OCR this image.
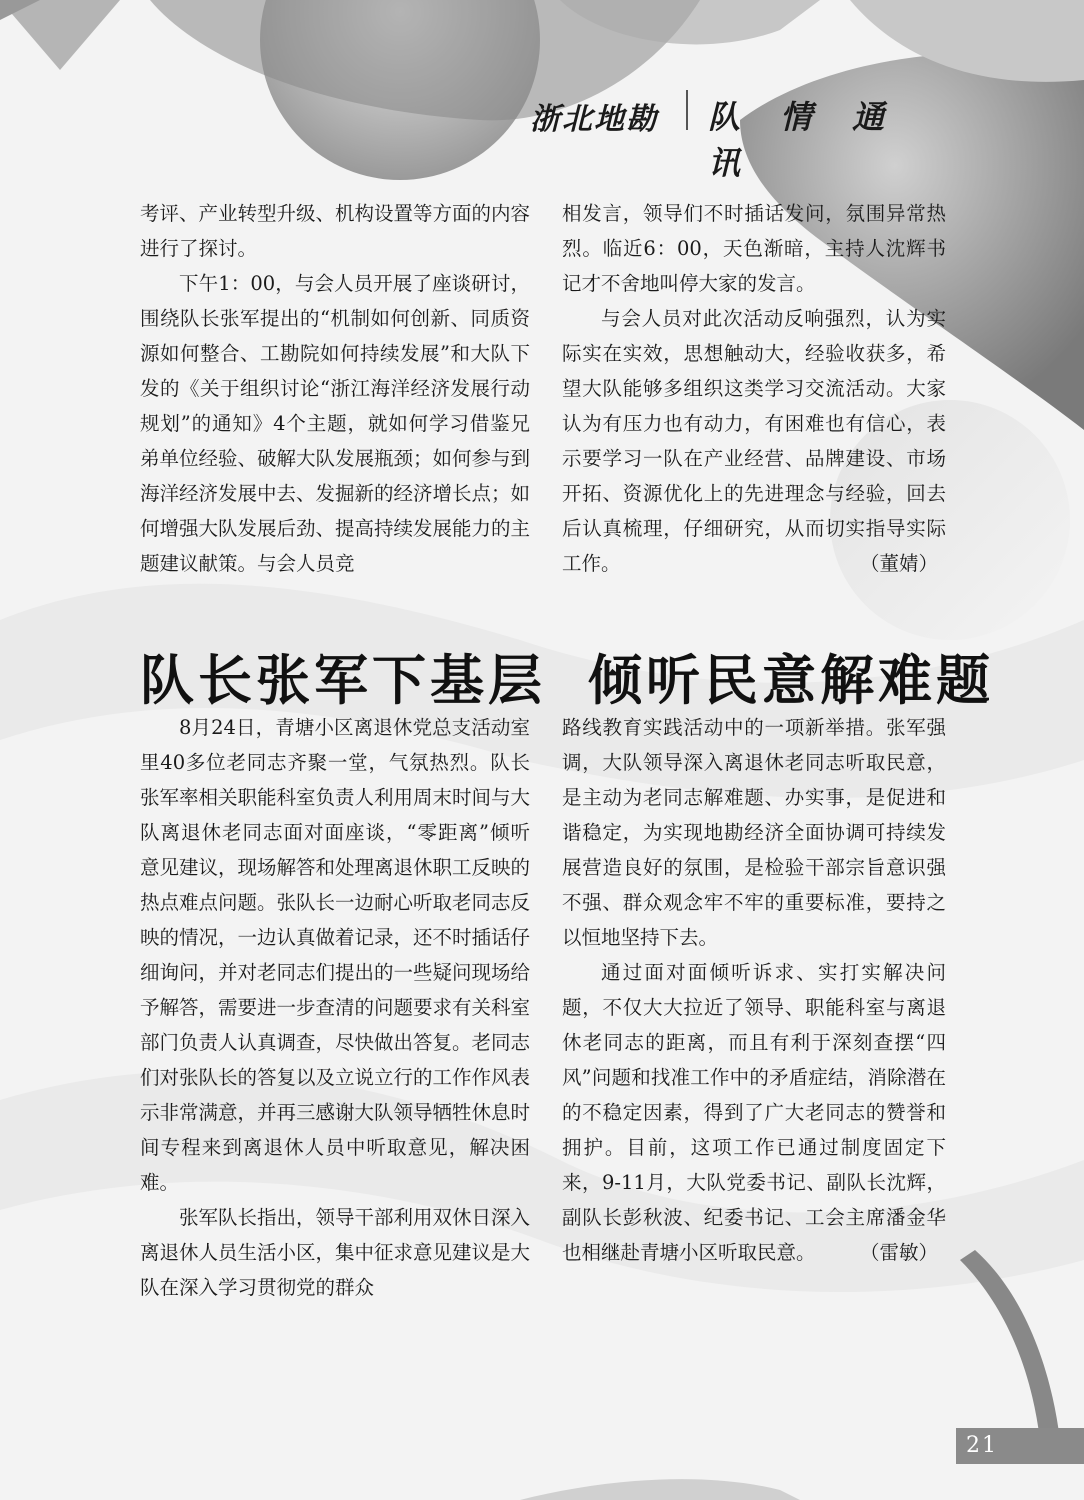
浙北地勘 队情通讯

考评、产业转型升级、机构设置等方面的内容进行了探讨。

下午1：00，与会人员开展了座谈研讨，围绕队长张军提出的“机制如何创新、同质资源如何整合、工勘院如何持续发展”和大队下发的《关于组织讨论“浙江海洋经济发展行动规划”的通知》4个主题，就如何学习借鉴兄弟单位经验、破解大队发展瓶颈；如何参与到海洋经济发展中去、发掘新的经济增长点；如何增强大队发展后劲、提高持续发展能力的主题建议献策。与会人员竞

相发言，领导们不时插话发问，氛围异常热烈。临近6：00，天色渐暗，主持人沈辉书记才不舍地叫停大家的发言。

与会人员对此次活动反响强烈，认为实际实在实效，思想触动大，经验收获多，希望大队能够多组织这类学习交流活动。大家认为有压力也有动力，有困难也有信心，表示要学习一队在产业经营、品牌建设、市场开拓、资源优化上的先进理念与经验，回去后认真梳理，仔细研究，从而切实指导实际工作。	（董婧）

队长张军下基层 倾听民意解难题

8月24日，青塘小区离退休党总支活动室里40多位老同志齐聚一堂，气氛热烈。队长张军率相关职能科室负责人利用周末时间与大队离退休老同志面对面座谈，“零距离”倾听意见建议，现场解答和处理离退休职工反映的热点难点问题。张队长一边耐心听取老同志反映的情况，一边认真做着记录，还不时插话仔细询问，并对老同志们提出的一些疑问现场给予解答，需要进一步查清的问题要求有关科室部门负责人认真调查，尽快做出答复。老同志们对张队长的答复以及立说立行的工作作风表示非常满意，并再三感谢大队领导牺牲休息时间专程来到离退休人员中听取意见，解决困难。

张军队长指出，领导干部利用双休日深入离退休人员生活小区，集中征求意见建议是大队在深入学习贯彻党的群众

路线教育实践活动中的一项新举措。张军强调，大队领导深入离退休老同志听取民意，是主动为老同志解难题、办实事，是促进和谐稳定，为实现地勘经济全面协调可持续发展营造良好的氛围，是检验干部宗旨意识强不强、群众观念牢不牢的重要标准，要持之以恒地坚持下去。

通过面对面倾听诉求、实打实解决问题，不仅大大拉近了领导、职能科室与离退休老同志的距离，而且有利于深刻查摆“四风”问题和找准工作中的矛盾症结，消除潜在的不稳定因素，得到了广大老同志的赞誉和拥护。目前，这项工作已通过制度固定下来，9-11月，大队党委书记、副队长沈辉，副队长彭秋波、纪委书记、工会主席潘金华也相继赴青塘小区听取民意。	（雷敏）

21
